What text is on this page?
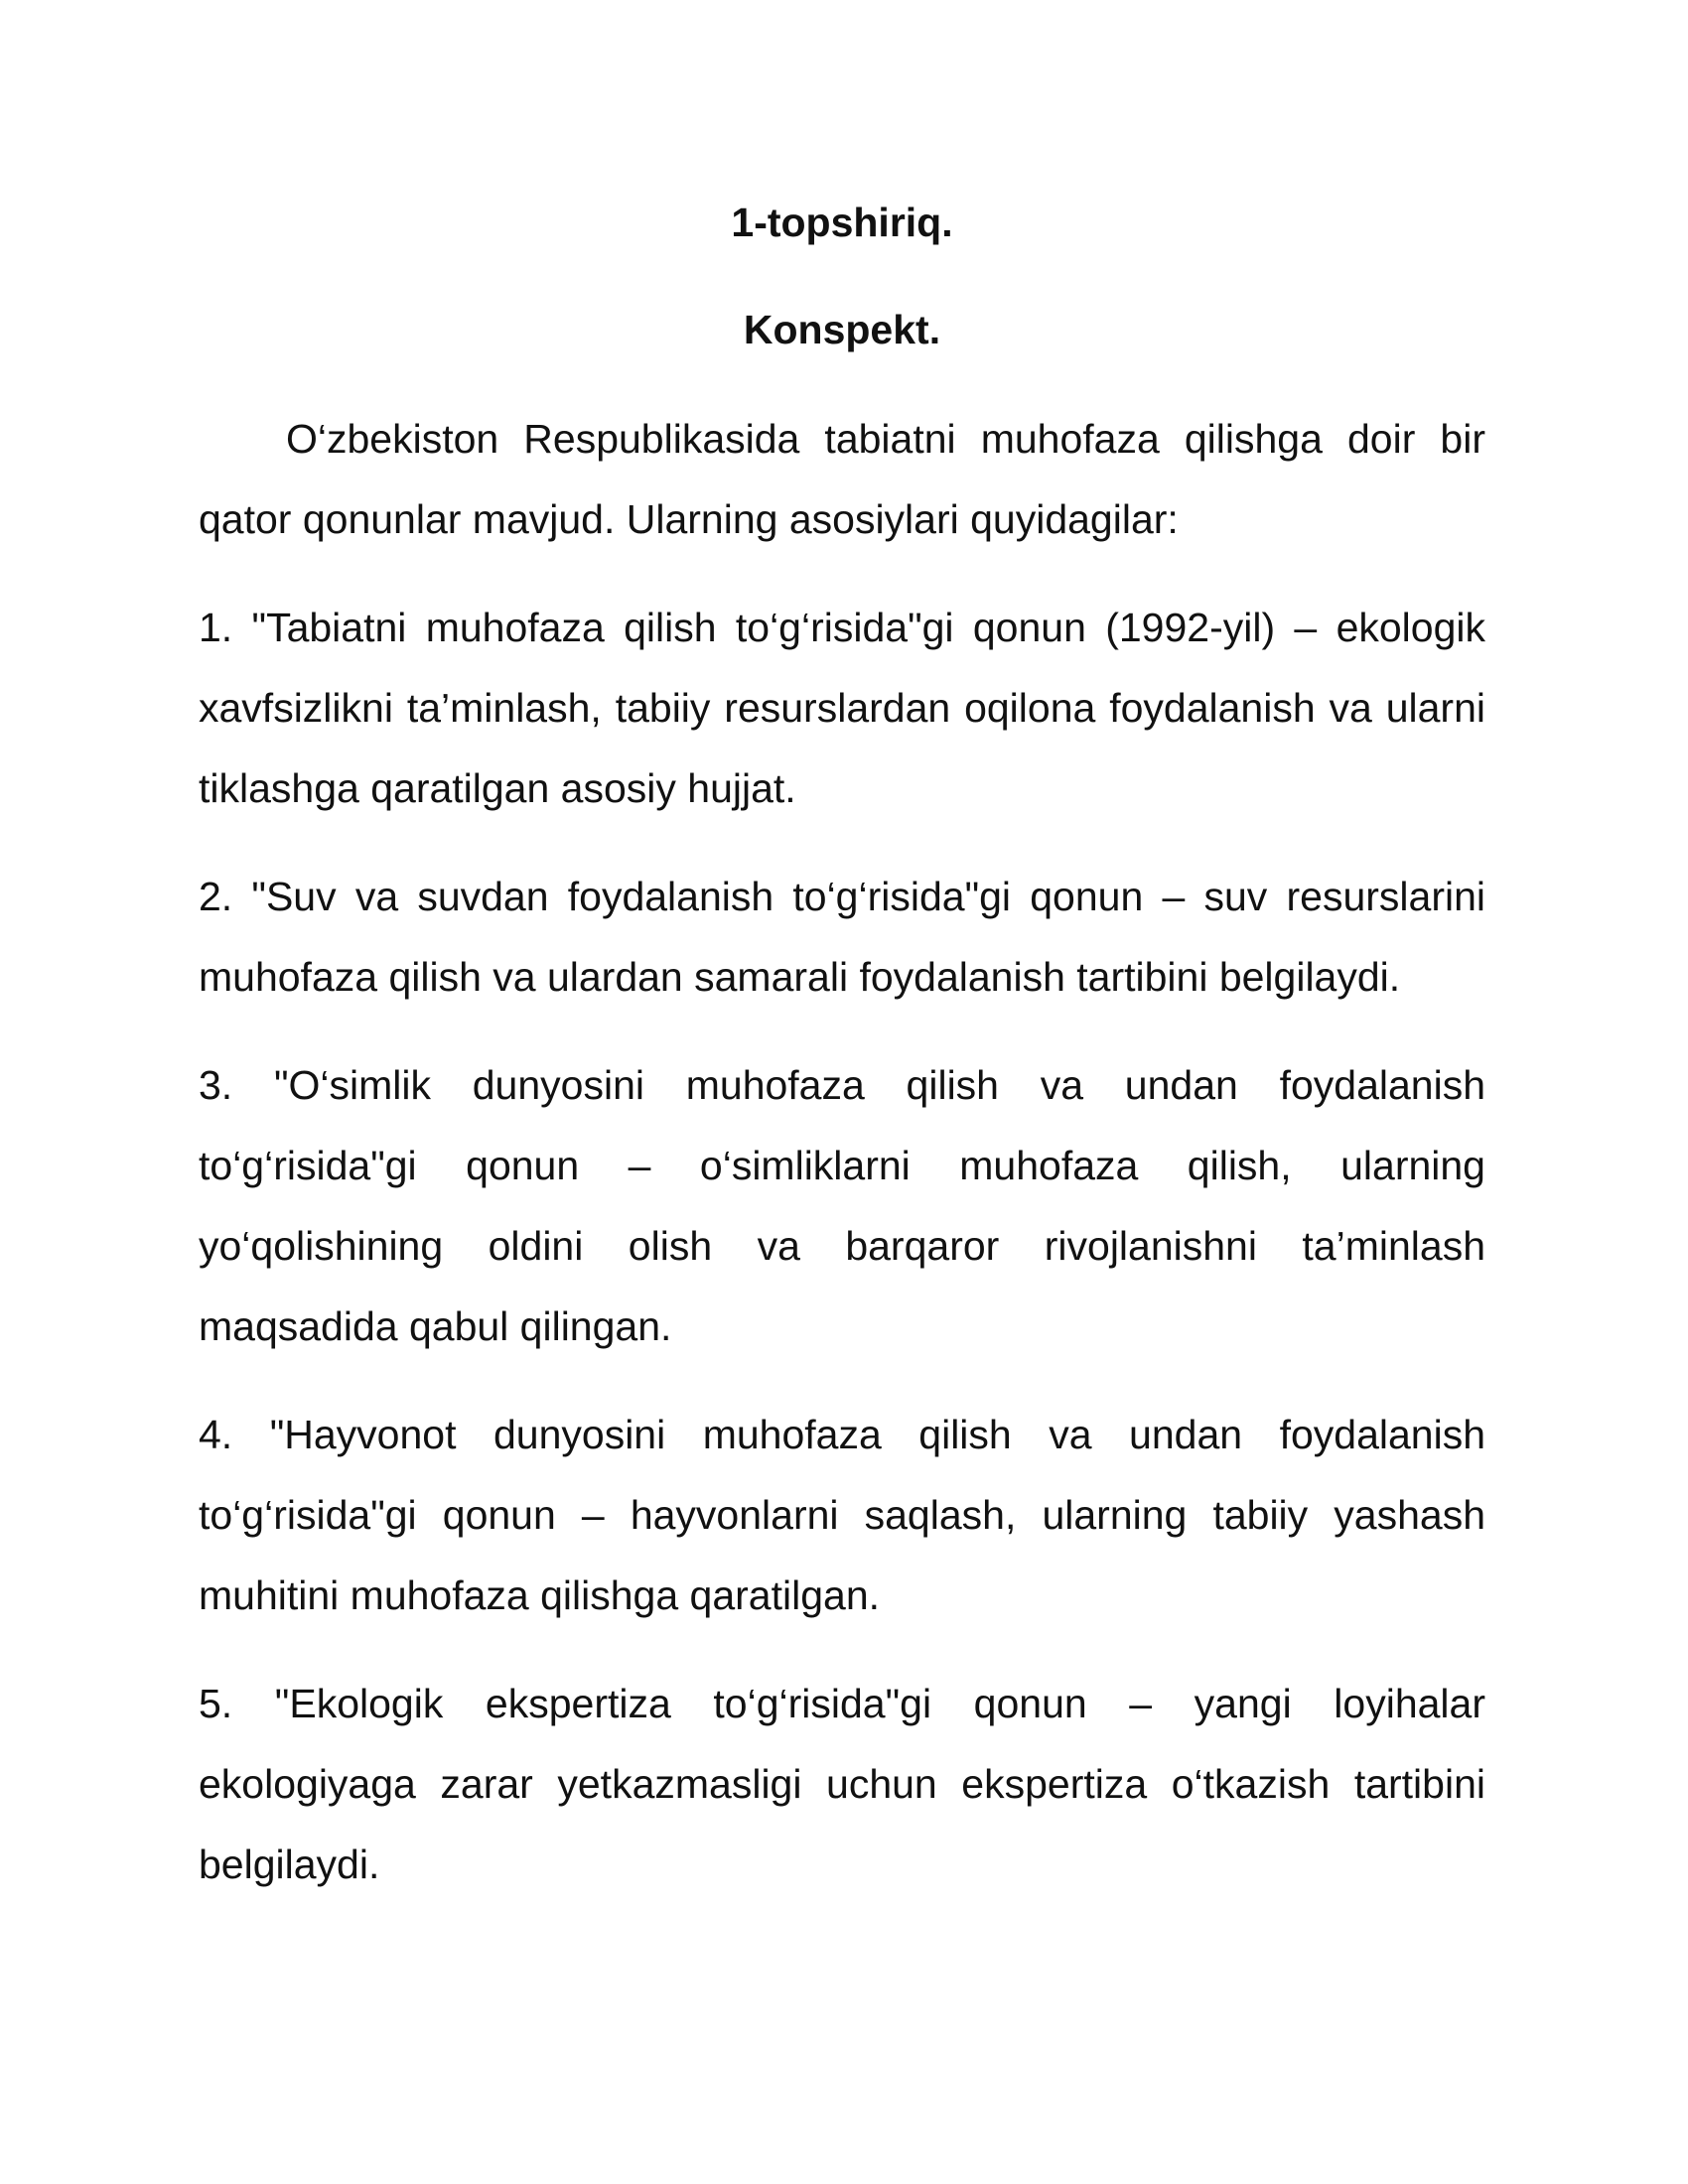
1-topshiriq.

Konspekt.

O‘zbekiston Respublikasida tabiatni muhofaza qilishga doir bir qator qonunlar mavjud. Ularning asosiylari quyidagilar:

1. "Tabiatni muhofaza qilish to‘g‘risida"gi qonun (1992-yil) – ekologik xavfsizlikni ta’minlash, tabiiy resurslardan oqilona foydalanish va ularni tiklashga qaratilgan asosiy hujjat.

2. "Suv va suvdan foydalanish to‘g‘risida"gi qonun – suv resurslarini muhofaza qilish va ulardan samarali foydalanish tartibini belgilaydi.

3. "O‘simlik dunyosini muhofaza qilish va undan foydalanish to‘g‘risida"gi qonun – o‘simliklarni muhofaza qilish, ularning yo‘qolishining oldini olish va barqaror rivojlanishni ta’minlash maqsadida qabul qilingan.

4. "Hayvonot dunyosini muhofaza qilish va undan foydalanish to‘g‘risida"gi qonun – hayvonlarni saqlash, ularning tabiiy yashash muhitini muhofaza qilishga qaratilgan.

5. "Ekologik ekspertiza to‘g‘risida"gi qonun – yangi loyihalar ekologiyaga zarar yetkazmasligi uchun ekspertiza o‘tkazish tartibini belgilaydi.
